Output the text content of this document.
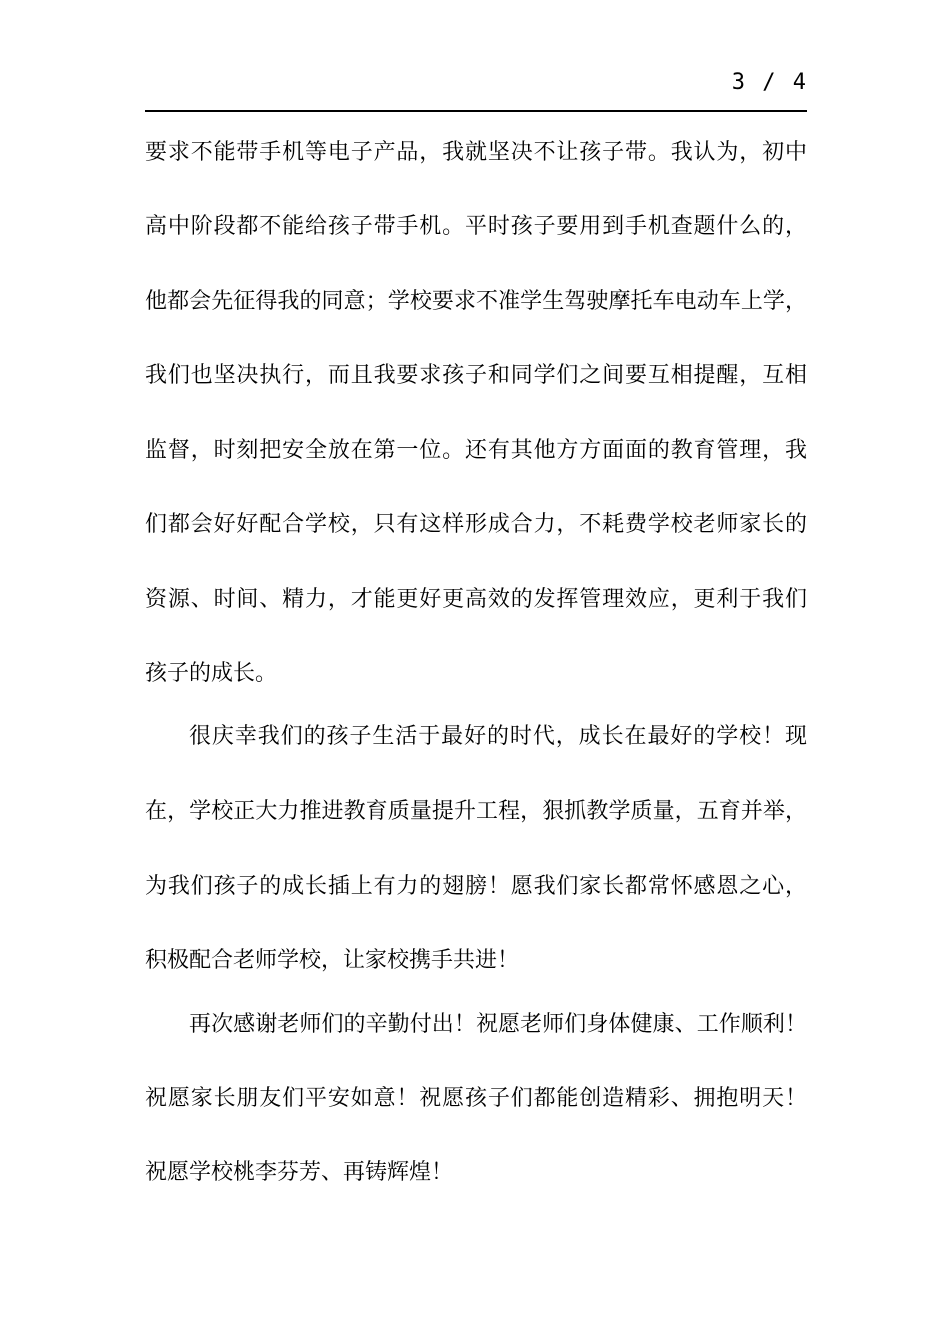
3 / 4
要求不能带手机等电子产品，我就坚决不让孩子带。我认为，初中
高中阶段都不能给孩子带手机。平时孩子要用到手机查题什么的，
他都会先征得我的同意；学校要求不准学生驾驶摩托车电动车上学，
我们也坚决执行，而且我要求孩子和同学们之间要互相提醒，互相
监督，时刻把安全放在第一位。还有其他方方面面的教育管理，我
们都会好好配合学校，只有这样形成合力，不耗费学校老师家长的
资源、时间、精力，才能更好更高效的发挥管理效应，更利于我们
孩子的成长。
很庆幸我们的孩子生活于最好的时代，成长在最好的学校！现
在，学校正大力推进教育质量提升工程，狠抓教学质量，五育并举，
为我们孩子的成长插上有力的翅膀！愿我们家长都常怀感恩之心，
积极配合老师学校，让家校携手共进！
再次感谢老师们的辛勤付出！祝愿老师们身体健康、工作顺利！
祝愿家长朋友们平安如意！祝愿孩子们都能创造精彩、拥抱明天！
祝愿学校桃李芬芳、再铸辉煌！
